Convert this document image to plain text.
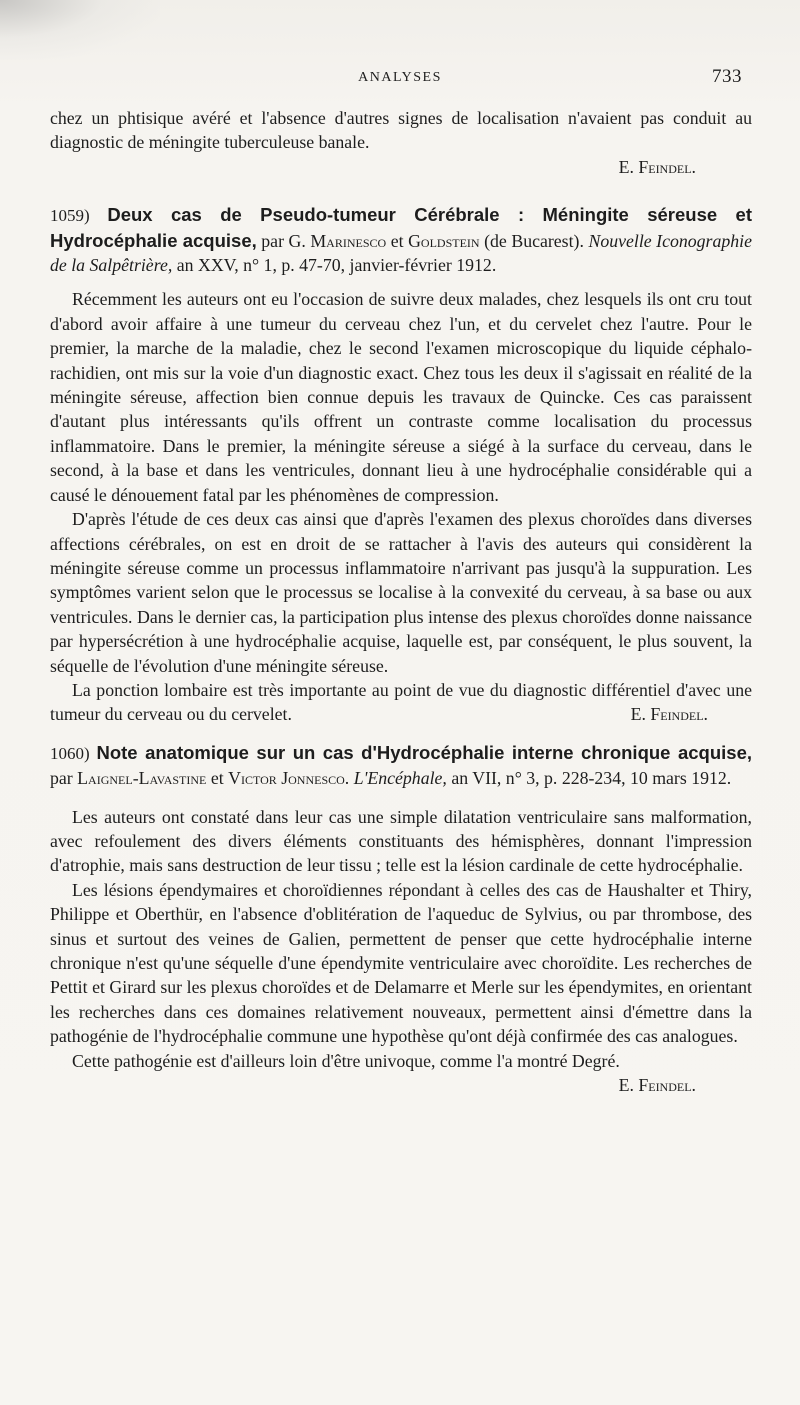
ANALYSES	733

chez un phtisique avéré et l'absence d'autres signes de localisation n'avaient pas conduit au diagnostic de méningite tuberculeuse banale.

E. Feindel.

1059) Deux cas de Pseudo-tumeur Cérébrale : Méningite séreuse et Hydrocéphalie acquise, par G. Marinesco et Goldstein (de Bucarest). Nouvelle Iconographie de la Salpêtrière, an XXV, n° 1, p. 47-70, janvier-février 1912.

Récemment les auteurs ont eu l'occasion de suivre deux malades, chez lesquels ils ont cru tout d'abord avoir affaire à une tumeur du cerveau chez l'un, et du cervelet chez l'autre. Pour le premier, la marche de la maladie, chez le second l'examen microscopique du liquide céphalo-rachidien, ont mis sur la voie d'un diagnostic exact. Chez tous les deux il s'agissait en réalité de la méningite séreuse, affection bien connue depuis les travaux de Quincke. Ces cas paraissent d'autant plus intéressants qu'ils offrent un contraste comme localisation du processus inflammatoire. Dans le premier, la méningite séreuse a siégé à la surface du cerveau, dans le second, à la base et dans les ventricules, donnant lieu à une hydrocéphalie considérable qui a causé le dénouement fatal par les phénomènes de compression.

D'après l'étude de ces deux cas ainsi que d'après l'examen des plexus choroïdes dans diverses affections cérébrales, on est en droit de se rattacher à l'avis des auteurs qui considèrent la méningite séreuse comme un processus inflammatoire n'arrivant pas jusqu'à la suppuration. Les symptômes varient selon que le processus se localise à la convexité du cerveau, à sa base ou aux ventricules. Dans le dernier cas, la participation plus intense des plexus choroïdes donne naissance par hypersécrétion à une hydrocéphalie acquise, laquelle est, par conséquent, le plus souvent, la séquelle de l'évolution d'une méningite séreuse.

La ponction lombaire est très importante au point de vue du diagnostic différentiel d'avec une tumeur du cerveau ou du cervelet.	E. Feindel.

1060) Note anatomique sur un cas d'Hydrocéphalie interne chronique acquise, par Laignel-Lavastine et Victor Jonnesco. L'Encéphale, an VII, n° 3, p. 228-234, 10 mars 1912.

Les auteurs ont constaté dans leur cas une simple dilatation ventriculaire sans malformation, avec refoulement des divers éléments constituants des hémisphères, donnant l'impression d'atrophie, mais sans destruction de leur tissu ; telle est la lésion cardinale de cette hydrocéphalie.

Les lésions épendymaires et choroïdiennes répondant à celles des cas de Haushalter et Thiry, Philippe et Oberthür, en l'absence d'oblitération de l'aqueduc de Sylvius, ou par thrombose, des sinus et surtout des veines de Galien, permettent de penser que cette hydrocéphalie interne chronique n'est qu'une séquelle d'une épendymite ventriculaire avec choroïdite. Les recherches de Pettit et Girard sur les plexus choroïdes et de Delamarre et Merle sur les épendymites, en orientant les recherches dans ces domaines relativement nouveaux, permettent ainsi d'émettre dans la pathogénie de l'hydrocéphalie commune une hypothèse qu'ont déjà confirmée des cas analogues.

Cette pathogénie est d'ailleurs loin d'être univoque, comme l'a montré Degré.

E. Feindel.
